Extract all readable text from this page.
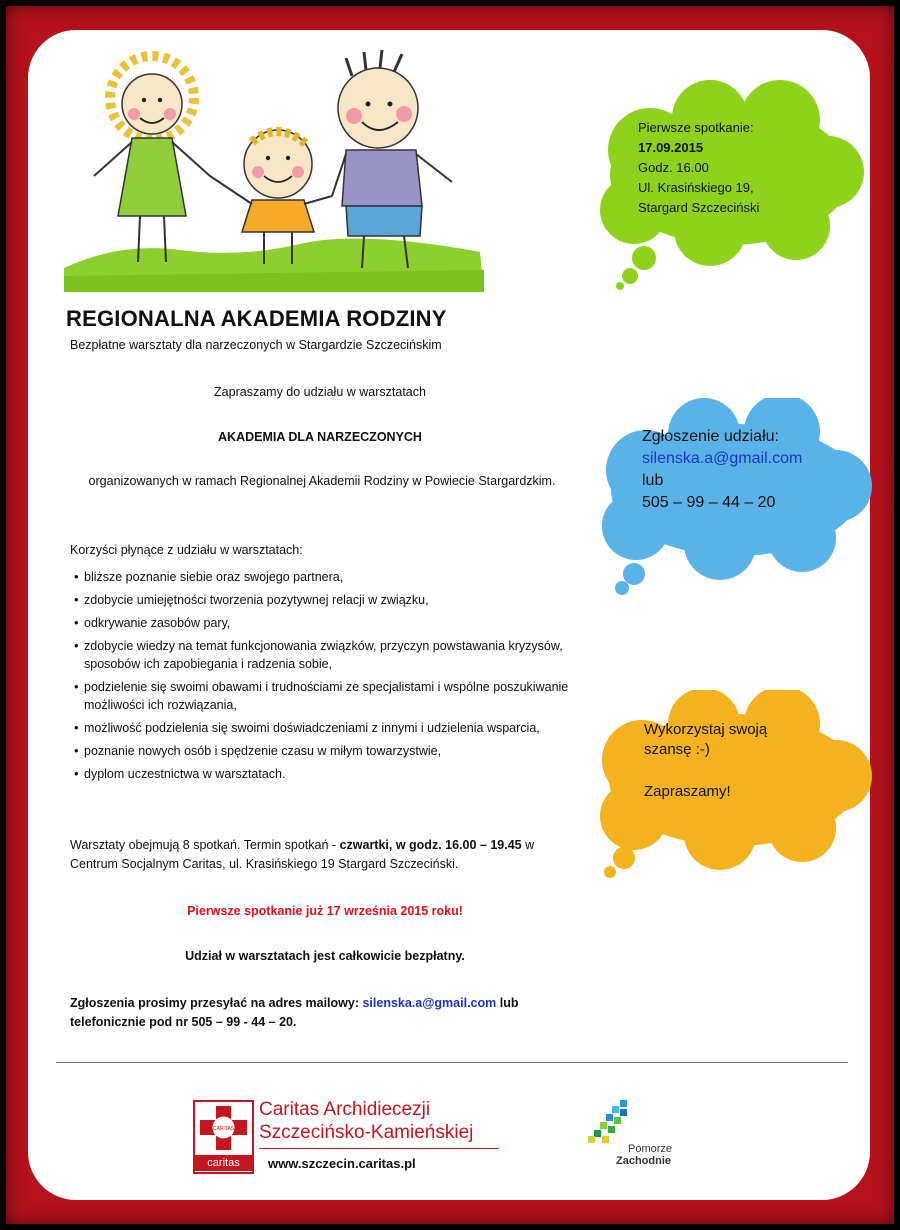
REGIONALNA AKADEMIA RODZINY
Bezpłatne warsztaty dla narzeczonych w Stargardzie Szczecińskim
Zapraszamy do udziału w warsztatach
AKADEMIA DLA NARZECZONYCH
organizowanych w ramach Regionalnej Akademii Rodziny w Powiecie Stargardzkim.
Korzyści płynące z udziału w warsztatach:
• bliższe poznanie siebie oraz swojego partnera,
• zdobycie umiejętności tworzenia pozytywnej relacji w związku,
• odkrywanie zasobów pary,
• zdobycie wiedzy na temat funkcjonowania związków, przyczyn powstawania kryzysów, sposobów ich zapobiegania i radzenia sobie,
• podzielenie się swoimi obawami i trudnościami ze specjalistami i wspólne poszukiwanie możliwości ich rozwiązania,
• możliwość podzielenia się swoimi doświadczeniami z innymi i udzielenia wsparcia,
• poznanie nowych osób i spędzenie czasu w miłym towarzystwie,
• dyplom uczestnictwa w warsztatach.
Warsztaty obejmują 8 spotkań. Termin spotkań - czwartki, w godz. 16.00 – 19.45 w
Centrum Socjalnym Caritas, ul. Krasińskiego 19 Stargard Szczeciński.
Pierwsze spotkanie już 17 września 2015 roku!
Udział w warsztatach jest całkowicie bezpłatny.
Zgłoszenia prosimy przesyłać na adres mailowy: silenska.a@gmail.com lub
telefonicznie pod nr 505 – 99 - 44 – 20.
Pierwsze spotkanie:
17.09.2015
Godz. 16.00
Ul. Krasińskiego 19,
Stargard Szczeciński
Zgłoszenie udziału:
silenska.a@gmail.com
lub
505 – 99 – 44 – 20
Wykorzystaj swoją
szansę :-)
Zapraszamy!
CARITAS
caritas
Caritas Archidiecezji
Szczecińsko-Kamieńskiej
www.szczecin.caritas.pl
Pomorze
Zachodnie
